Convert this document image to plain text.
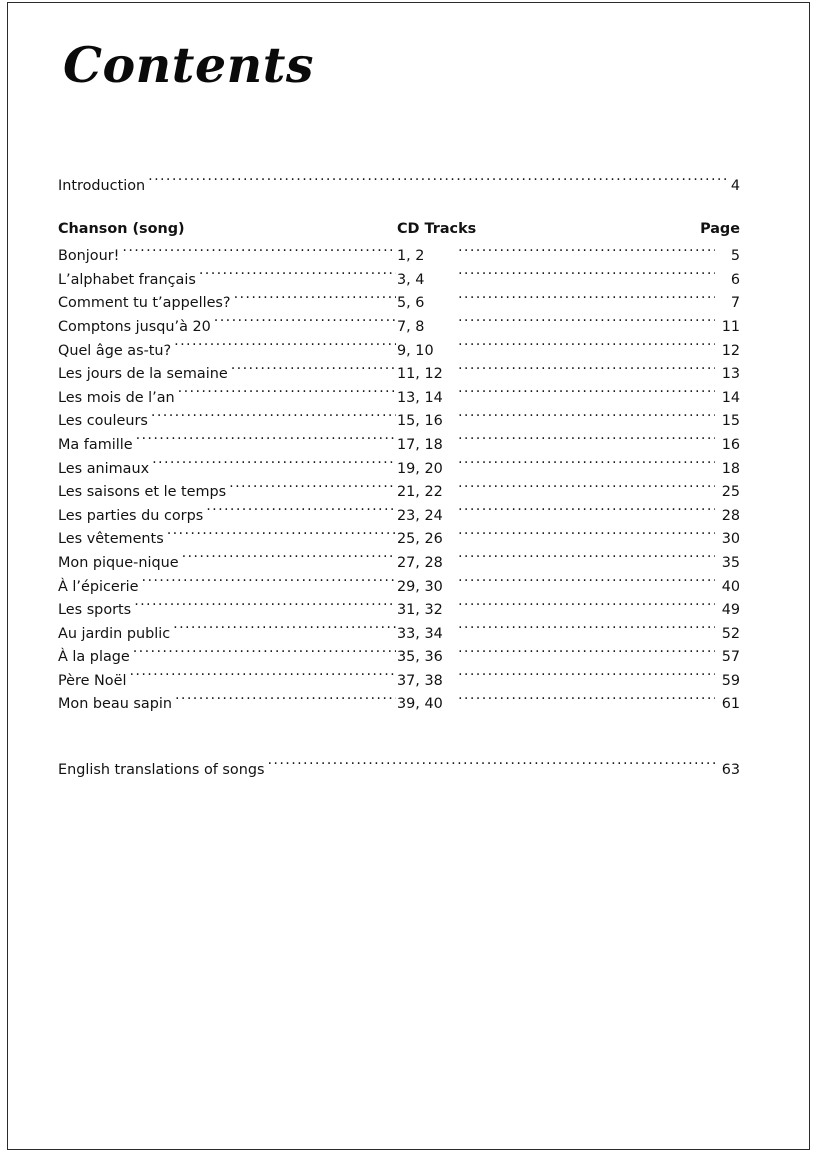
Contents
Introduction .....	4
Chanson (song)	CD Tracks	Page
Bonjour! .....	1, 2 .....	5
L’alphabet français .....	3, 4 .....	6
Comment tu t’appelles? .....	5, 6 .....	7
Comptons jusqu’à 20 .....	7, 8 .....	11
Quel âge as-tu? .....	9, 10 .....	12
Les jours de la semaine .....	11, 12 .....	13
Les mois de l’an .....	13, 14 .....	14
Les couleurs .....	15, 16 .....	15
Ma famille .....	17, 18 .....	16
Les animaux .....	19, 20 .....	18
Les saisons et le temps .....	21, 22 .....	25
Les parties du corps .....	23, 24 .....	28
Les vêtements .....	25, 26 .....	30
Mon pique-nique .....	27, 28 .....	35
À l’épicerie .....	29, 30 .....	40
Les sports .....	31, 32 .....	49
Au jardin public .....	33, 34 .....	52
À la plage .....	35, 36 .....	57
Père Noël .....	37, 38 .....	59
Mon beau sapin .....	39, 40 .....	61
English translations of songs .....	63
